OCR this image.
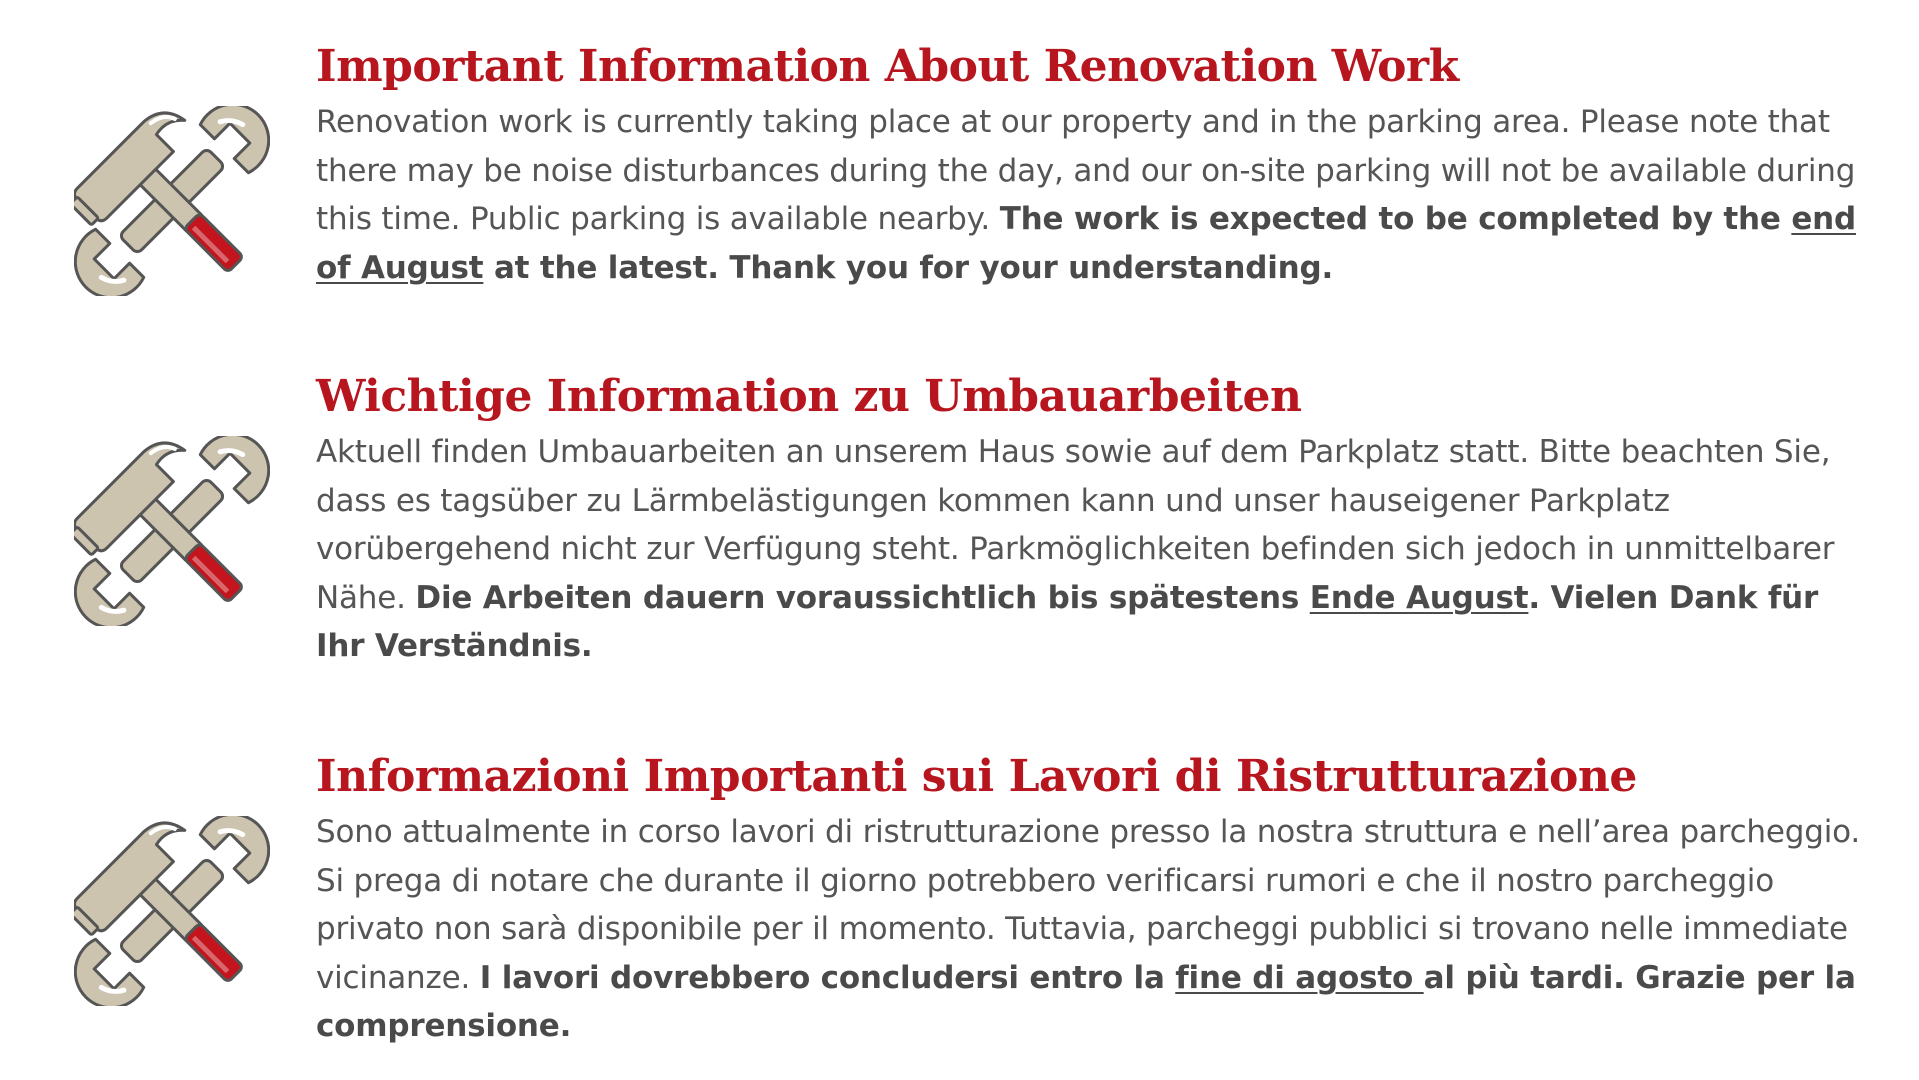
Important Information About Renovation Work

Renovation work is currently taking place at our property and in the parking area. Please note that there may be noise disturbances during the day, and our on-site parking will not be available during this time. Public parking is available nearby. The work is expected to be completed by the end of August at the latest. Thank you for your understanding.

Wichtige Information zu Umbauarbeiten

Aktuell finden Umbauarbeiten an unserem Haus sowie auf dem Parkplatz statt. Bitte beachten Sie, dass es tagsüber zu Lärmbelästigungen kommen kann und unser hauseigener Parkplatz vorübergehend nicht zur Verfügung steht. Parkmöglichkeiten befinden sich jedoch in unmittelbarer Nähe. Die Arbeiten dauern voraussichtlich bis spätestens Ende August. Vielen Dank für Ihr Verständnis.

Informazioni Importanti sui Lavori di Ristrutturazione

Sono attualmente in corso lavori di ristrutturazione presso la nostra struttura e nell’area parcheggio. Si prega di notare che durante il giorno potrebbero verificarsi rumori e che il nostro parcheggio privato non sarà disponibile per il momento. Tuttavia, parcheggi pubblici si trovano nelle immediate vicinanze. I lavori dovrebbero concludersi entro la fine di agosto al più tardi. Grazie per la comprensione.
